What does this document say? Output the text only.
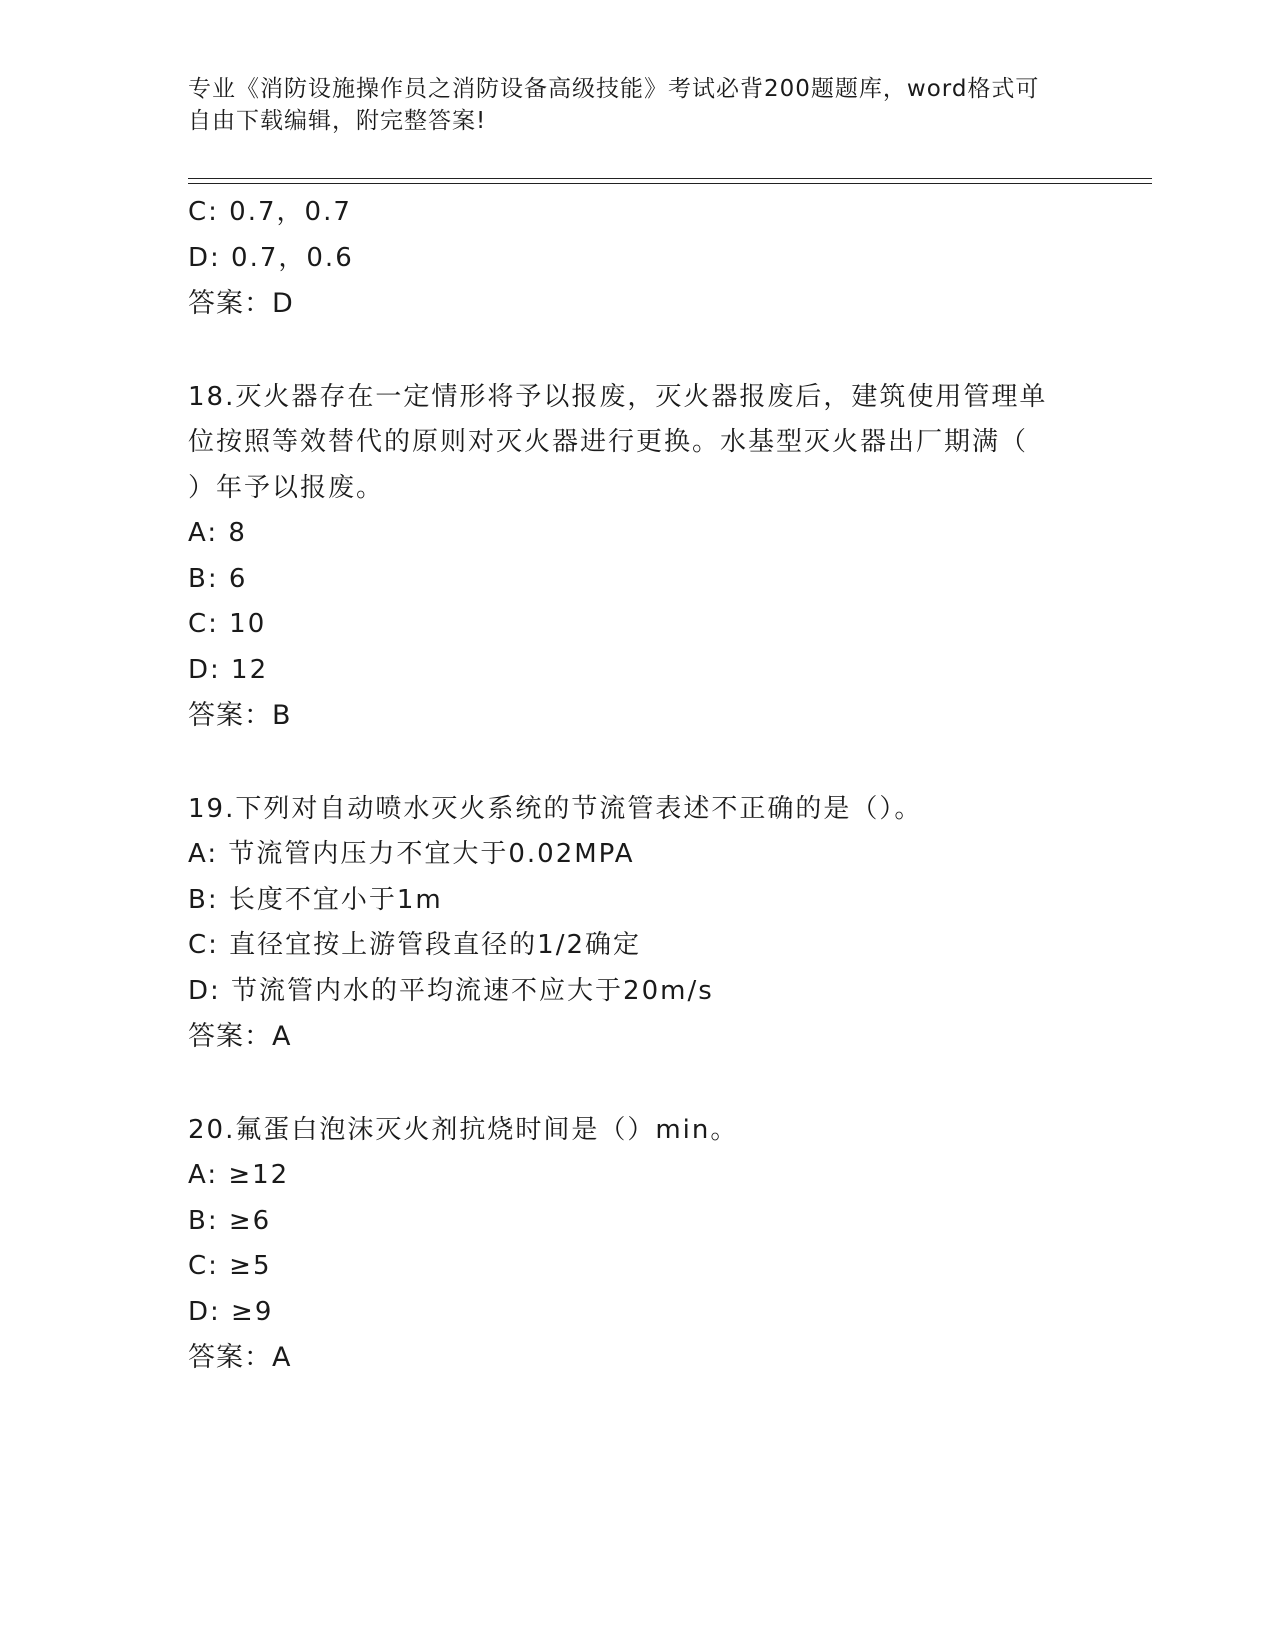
专业《消防设施操作员之消防设备高级技能》考试必背200题题库，word格式可
自由下载编辑，附完整答案!
C: 0.7，0.7
D: 0.7，0.6
答案：D
18.灭火器存在一定情形将予以报废，灭火器报废后，建筑使用管理单
位按照等效替代的原则对灭火器进行更换。水基型灭火器出厂期满（
）年予以报废。
A: 8
B: 6
C: 10
D: 12
答案：B
19.下列对自动喷水灭火系统的节流管表述不正确的是（）。
A: 节流管内压力不宜大于0.02MPA
B: 长度不宜小于1m
C: 直径宜按上游管段直径的1/2确定
D: 节流管内水的平均流速不应大于20m/s
答案：A
20.氟蛋白泡沫灭火剂抗烧时间是（）min。
A: ≥12
B: ≥6
C: ≥5
D: ≥9
答案：A
